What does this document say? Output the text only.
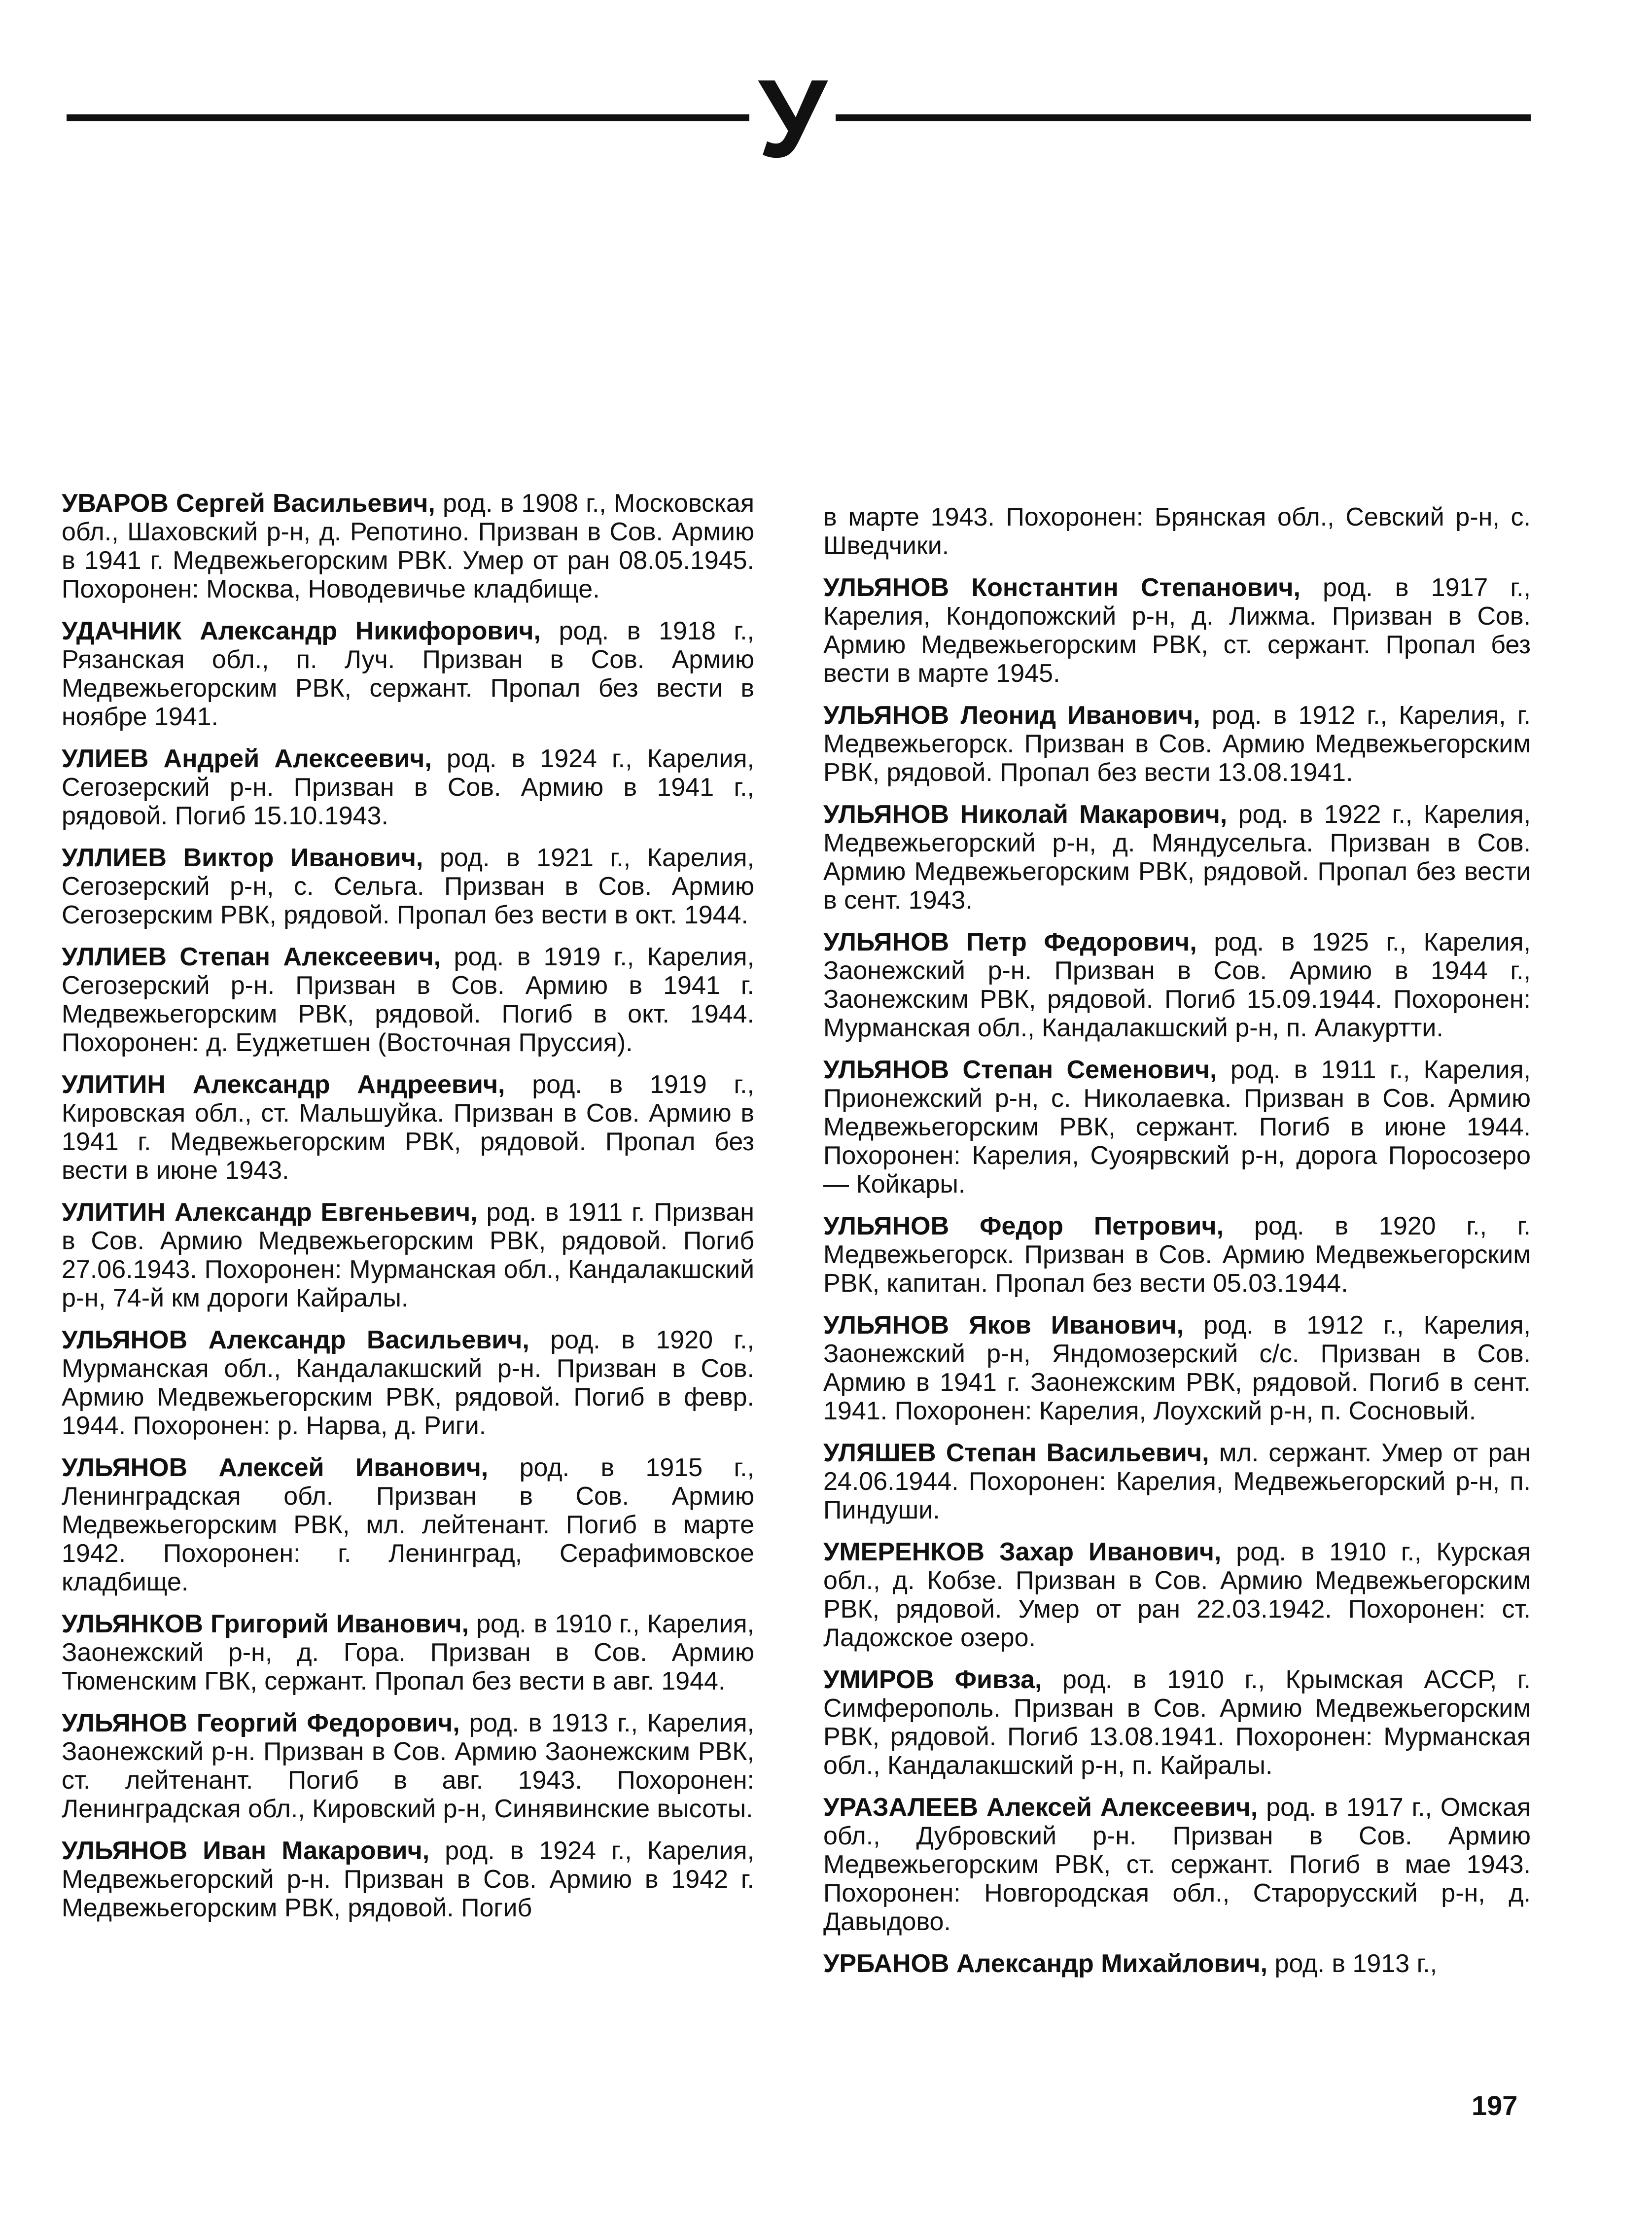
У

УВАРОВ Сергей Васильевич, род. в 1908 г., Московская обл., Шаховский р-н, д. Репотино. Призван в Сов. Армию в 1941 г. Медвежьегорским РВК. Умер от ран 08.05.1945. Похоронен: Москва, Новодевичье кладбище.

УДАЧНИК Александр Никифорович, род. в 1918 г., Рязанская обл., п. Луч. Призван в Сов. Армию Медвежьегорским РВК, сержант. Пропал без вести в ноябре 1941.

УЛИЕВ Андрей Алексеевич, род. в 1924 г., Карелия, Сегозерский р-н. Призван в Сов. Армию в 1941 г., рядовой. Погиб 15.10.1943.

УЛЛИЕВ Виктор Иванович, род. в 1921 г., Карелия, Сегозерский р-н, с. Сельга. Призван в Сов. Армию Сегозерским РВК, рядовой. Пропал без вести в окт. 1944.

УЛЛИЕВ Степан Алексеевич, род. в 1919 г., Карелия, Сегозерский р-н. Призван в Сов. Армию в 1941 г. Медвежьегорским РВК, рядовой. Погиб в окт. 1944. Похоронен: д. Еуджетшен (Восточная Пруссия).

УЛИТИН Александр Андреевич, род. в 1919 г., Кировская обл., ст. Мальшуйка. Призван в Сов. Армию в 1941 г. Медвежьегорским РВК, рядовой. Пропал без вести в июне 1943.

УЛИТИН Александр Евгеньевич, род. в 1911 г. Призван в Сов. Армию Медвежьегорским РВК, рядовой. Погиб 27.06.1943. Похоронен: Мурманская обл., Кандалакшский р-н, 74-й км дороги Кайралы.

УЛЬЯНОВ Александр Васильевич, род. в 1920 г., Мурманская обл., Кандалакшский р-н. Призван в Сов. Армию Медвежьегорским РВК, рядовой. Погиб в февр. 1944. Похоронен: р. Нарва, д. Риги.

УЛЬЯНОВ Алексей Иванович, род. в 1915 г., Ленинградская обл. Призван в Сов. Армию Медвежьегорским РВК, мл. лейтенант. Погиб в марте 1942. Похоронен: г. Ленинград, Серафимовское кладбище.

УЛЬЯНКОВ Григорий Иванович, род. в 1910 г., Карелия, Заонежский р-н, д. Гора. Призван в Сов. Армию Тюменским ГВК, сержант. Пропал без вести в авг. 1944.

УЛЬЯНОВ Георгий Федорович, род. в 1913 г., Карелия, Заонежский р-н. Призван в Сов. Армию Заонежским РВК, ст. лейтенант. Погиб в авг. 1943. Похоронен: Ленинградская обл., Кировский р-н, Синявинские высоты.

УЛЬЯНОВ Иван Макарович, род. в 1924 г., Карелия, Медвежьегорский р-н. Призван в Сов. Армию в 1942 г. Медвежьегорским РВК, рядовой. Погиб

в марте 1943. Похоронен: Брянская обл., Севский р-н, с. Шведчики.

УЛЬЯНОВ Константин Степанович, род. в 1917 г., Карелия, Кондопожский р-н, д. Лижма. Призван в Сов. Армию Медвежьегорским РВК, ст. сержант. Пропал без вести в марте 1945.

УЛЬЯНОВ Леонид Иванович, род. в 1912 г., Карелия, г. Медвежьегорск. Призван в Сов. Армию Медвежьегорским РВК, рядовой. Пропал без вести 13.08.1941.

УЛЬЯНОВ Николай Макарович, род. в 1922 г., Карелия, Медвежьегорский р-н, д. Мяндусельга. Призван в Сов. Армию Медвежьегорским РВК, рядовой. Пропал без вести в сент. 1943.

УЛЬЯНОВ Петр Федорович, род. в 1925 г., Карелия, Заонежский р-н. Призван в Сов. Армию в 1944 г., Заонежским РВК, рядовой. Погиб 15.09.1944. Похоронен: Мурманская обл., Кандалакшский р-н, п. Алакуртти.

УЛЬЯНОВ Степан Семенович, род. в 1911 г., Карелия, Прионежский р-н, с. Николаевка. Призван в Сов. Армию Медвежьегорским РВК, сержант. Погиб в июне 1944. Похоронен: Карелия, Суоярвский р-н, дорога Поросозеро — Койкары.

УЛЬЯНОВ Федор Петрович, род. в 1920 г., г. Медвежьегорск. Призван в Сов. Армию Медвежьегорским РВК, капитан. Пропал без вести 05.03.1944.

УЛЬЯНОВ Яков Иванович, род. в 1912 г., Карелия, Заонежский р-н, Яндомозерский с/с. Призван в Сов. Армию в 1941 г. Заонежским РВК, рядовой. Погиб в сент. 1941. Похоронен: Карелия, Лоухский р-н, п. Сосновый.

УЛЯШЕВ Степан Васильевич, мл. сержант. Умер от ран 24.06.1944. Похоронен: Карелия, Медвежьегорский р-н, п. Пиндуши.

УМЕРЕНКОВ Захар Иванович, род. в 1910 г., Курская обл., д. Кобзе. Призван в Сов. Армию Медвежьегорским РВК, рядовой. Умер от ран 22.03.1942. Похоронен: ст. Ладожское озеро.

УМИРОВ Фивза, род. в 1910 г., Крымская АССР, г. Симферополь. Призван в Сов. Армию Медвежьегорским РВК, рядовой. Погиб 13.08.1941. Похоронен: Мурманская обл., Кандалакшский р-н, п. Кайралы.

УРАЗАЛЕЕВ Алексей Алексеевич, род. в 1917 г., Омская обл., Дубровский р-н. Призван в Сов. Армию Медвежьегорским РВК, ст. сержант. Погиб в мае 1943. Похоронен: Новгородская обл., Старорусский р-н, д. Давыдово.

УРБАНОВ Александр Михайлович, род. в 1913 г.,

197
